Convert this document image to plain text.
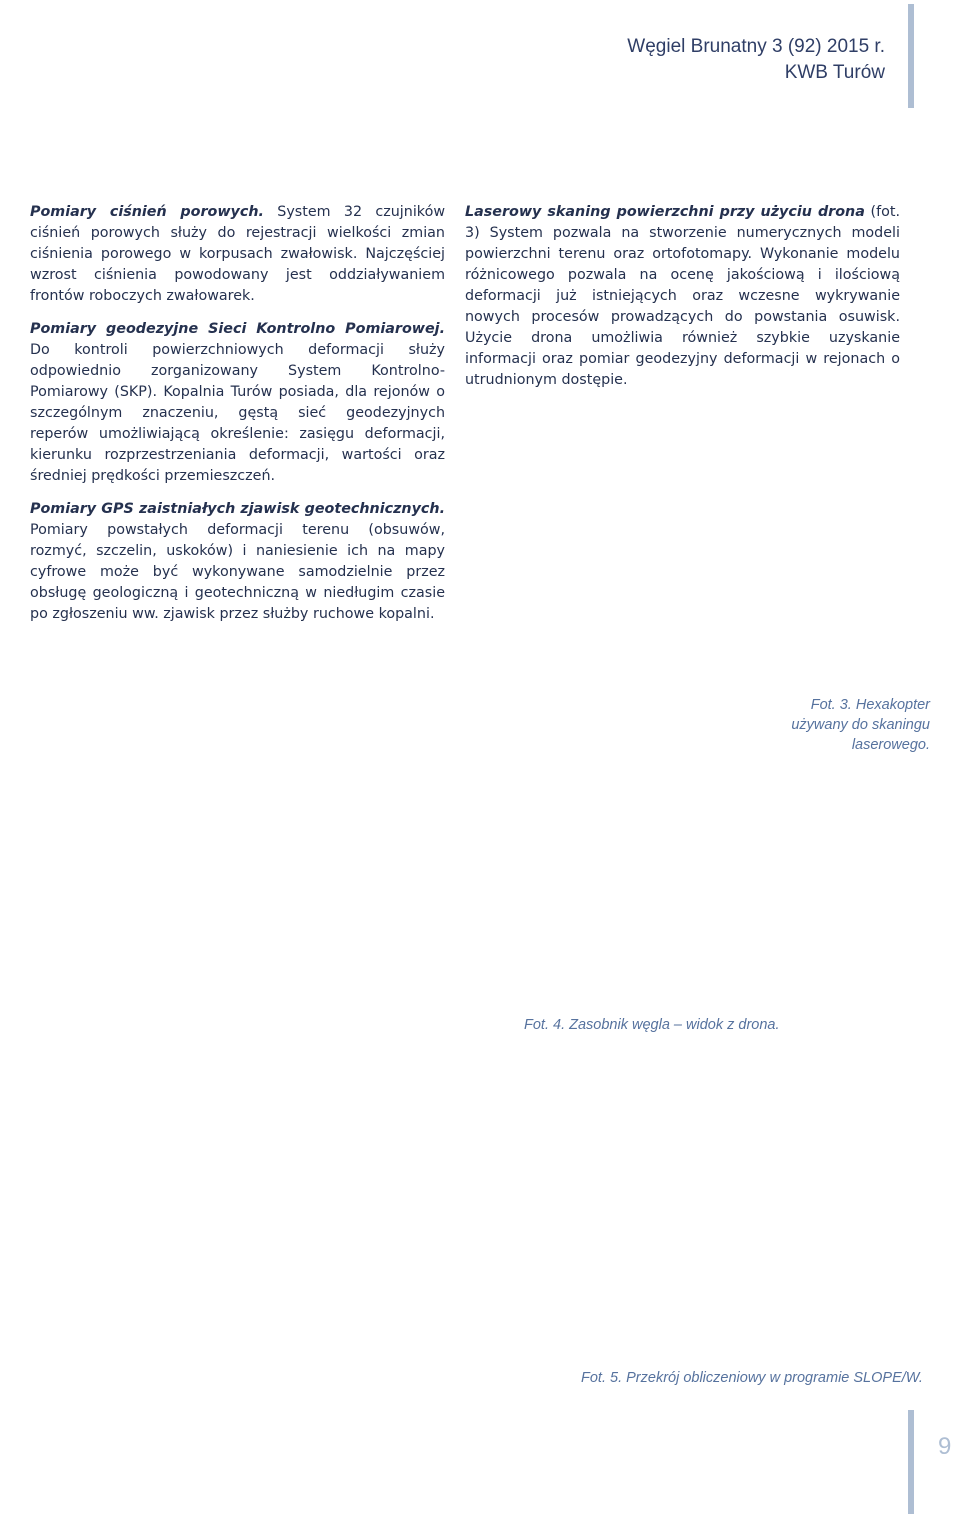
Węgiel Brunatny 3 (92) 2015 r.
KWB Turów

Pomiary ciśnień porowych. System 32 czujników ciśnień porowych służy do rejestracji wielkości zmian ciśnienia porowego w korpusach zwałowisk. Najczęściej wzrost ciśnienia powodowany jest oddziaływaniem frontów roboczych zwałowarek.

Pomiary geodezyjne Sieci Kontrolno Pomiarowej. Do kontroli powierzchniowych deformacji służy odpowiednio zorganizowany System Kontrolno-Pomiarowy (SKP). Kopalnia Turów posiada, dla rejonów o szczególnym znaczeniu, gęstą sieć geodezyjnych reperów umożliwiającą określenie: zasięgu deformacji, kierunku rozprzestrzeniania deformacji, wartości oraz średniej prędkości przemieszczeń.

Pomiary GPS zaistniałych zjawisk geotechnicznych. Pomiary powstałych deformacji terenu (obsuwów, rozmyć, szczelin, uskoków) i naniesienie ich na mapy cyfrowe może być wykonywane samodzielnie przez obsługę geologiczną i geotechniczną w niedługim czasie po zgłoszeniu ww. zjawisk przez służby ruchowe kopalni.

Laserowy skaning powierzchni przy użyciu drona (fot. 3) System pozwala na stworzenie numerycznych modeli powierzchni terenu oraz ortofotomapy. Wykonanie modelu różnicowego pozwala na ocenę jakościową i ilościową deformacji już istniejących oraz wczesne wykrywanie nowych procesów prowadzących do powstania osuwisk. Użycie drona umożliwia również szybkie uzyskanie informacji oraz pomiar geodezyjny deformacji w rejonach o utrudnionym dostępie.

Fot. 3. Hexakopter
używany do skaningu
laserowego.
Fot. 4. Zasobnik węgla – widok z drona.
Fot. 5. Przekrój obliczeniowy w programie SLOPE/W.
9
